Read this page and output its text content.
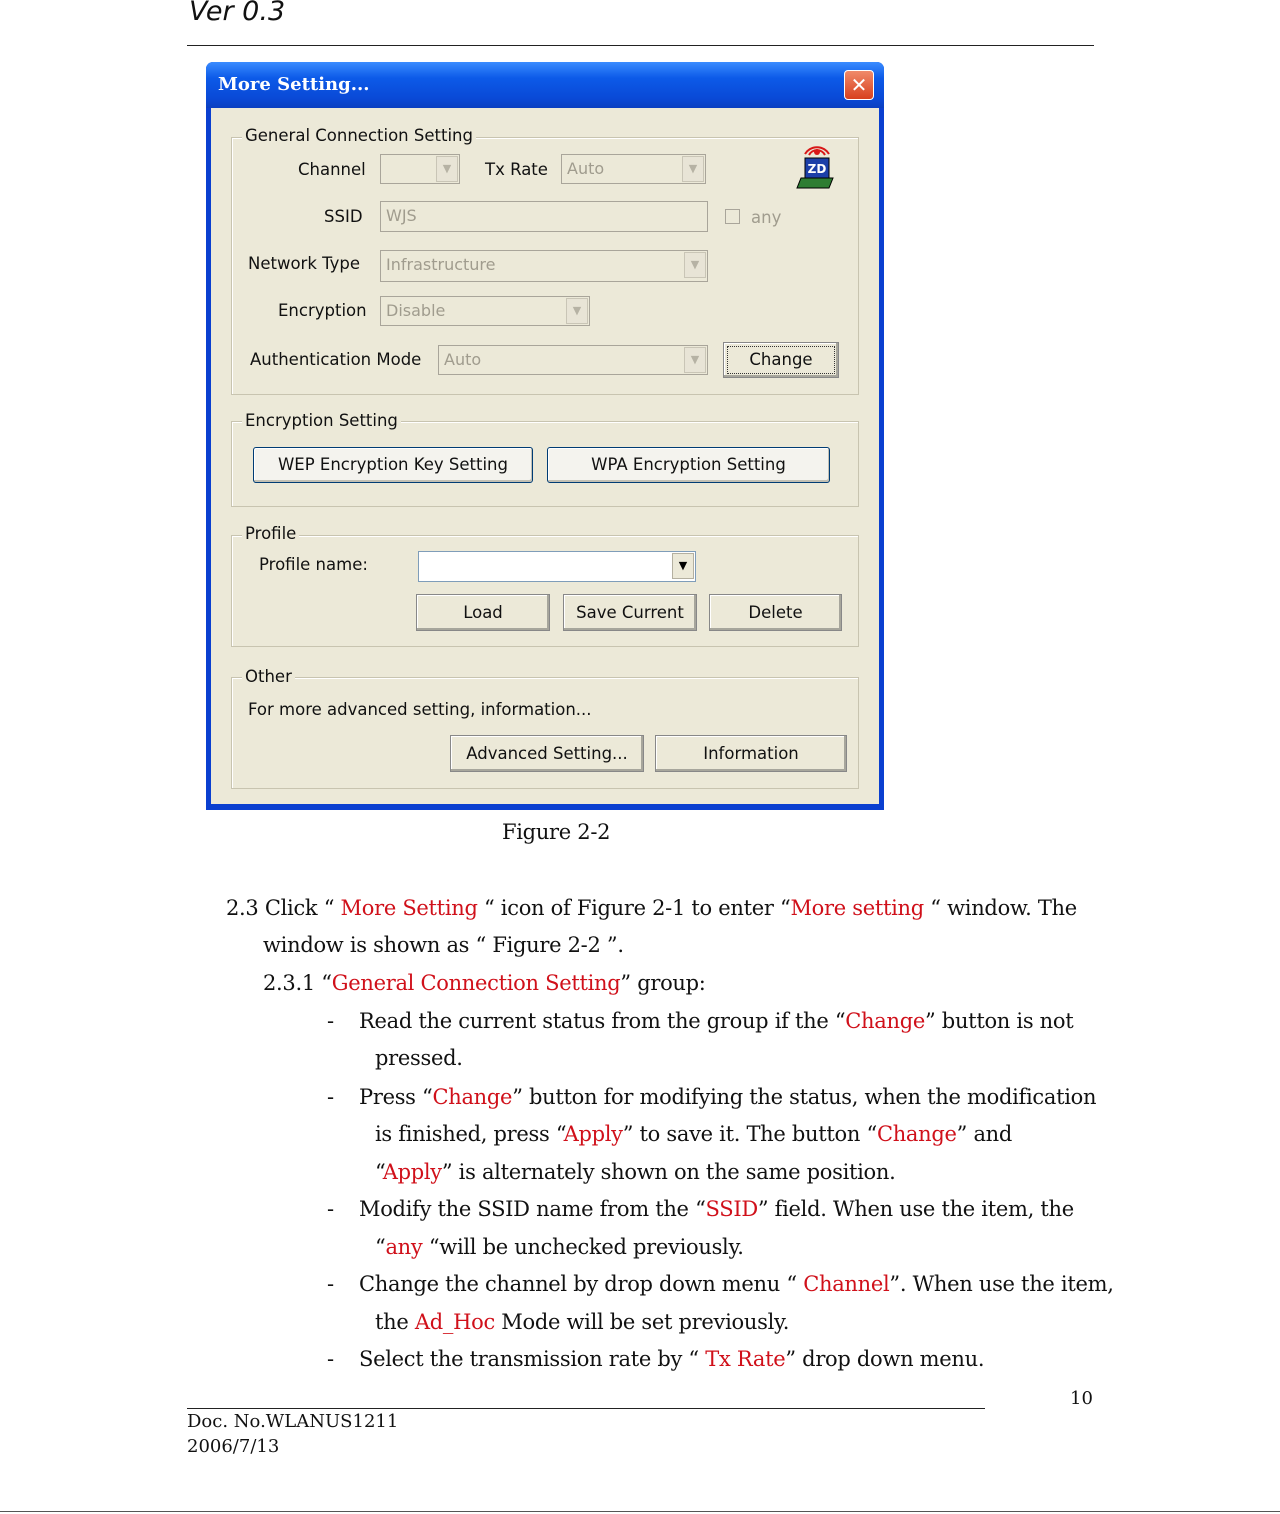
Ver 0.3
More Setting...	✕
General Connection Setting
Channel	▼	Tx Rate	Auto	▼	ZD
SSID	WJS	any
Network Type	Infrastructure	▼
Encryption	Disable	▼
Authentication Mode	Auto	▼	Change
Encryption Setting
WEP Encryption Key Setting	WPA Encryption Setting
Profile
Profile name:	▼
Load	Save Current	Delete
Other
For more advanced setting, information...
Advanced Setting...	Information
Figure 2-2
2.3 Click “ More Setting “ icon of Figure 2-1 to enter “More setting “ window. The
window is shown as “ Figure 2-2 ”.
2.3.1 “General Connection Setting” group:
- Read the current status from the group if the “Change” button is not
pressed.
- Press “Change” button for modifying the status, when the modification
is finished, press “Apply” to save it. The button “Change” and
“Apply” is alternately shown on the same position.
- Modify the SSID name from the “SSID” field. When use the item, the
“any “will be unchecked previously.
- Change the channel by drop down menu “ Channel”. When use the item,
the Ad_Hoc Mode will be set previously.
- Select the transmission rate by “ Tx Rate” drop down menu.
10
Doc. No.WLANUS1211
2006/7/13
